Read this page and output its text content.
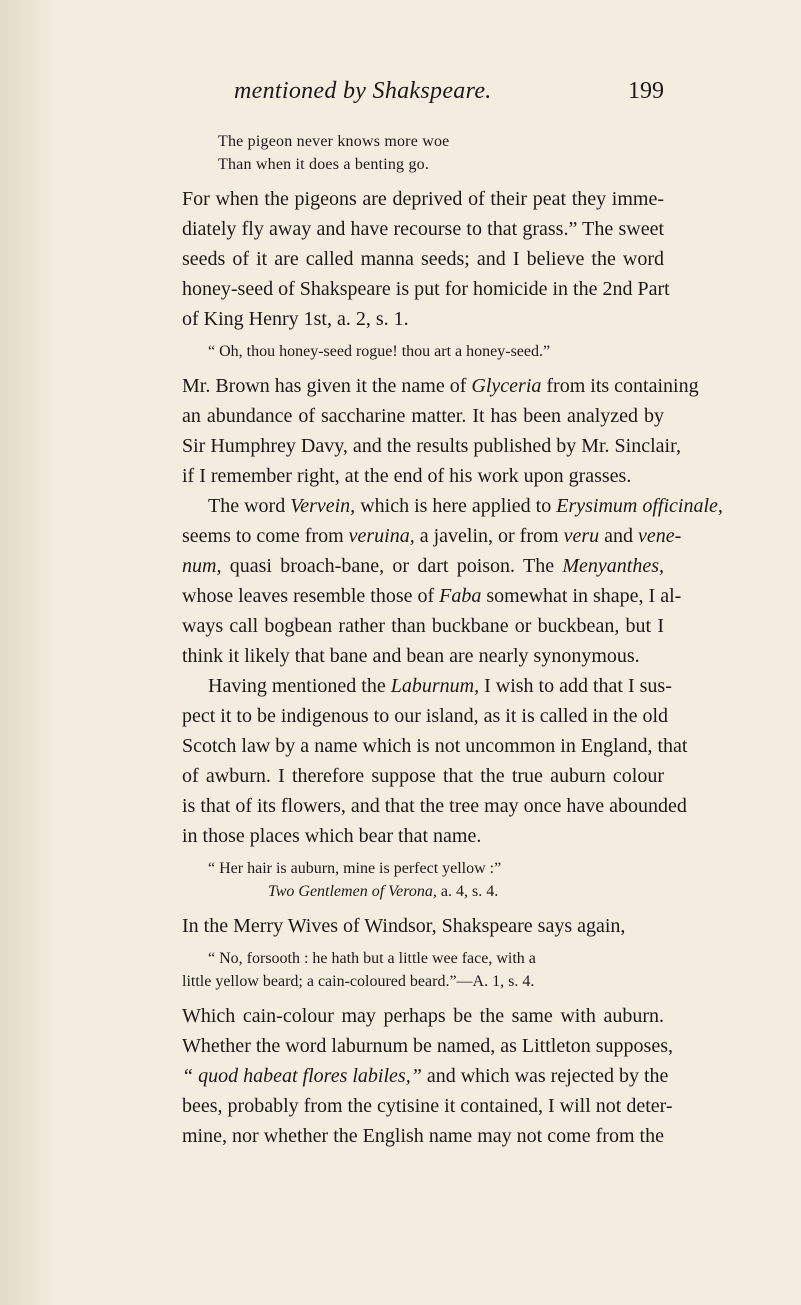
mentioned by Shakspeare.	199
The pigeon never knows more woe
Than when it does a benting go.
For when the pigeons are deprived of their peat they imme-
diately fly away and have recourse to that grass.” The sweet
seeds of it are called manna seeds; and I believe the word
honey-seed of Shakspeare is put for homicide in the 2nd Part
of King Henry 1st, a. 2, s. 1.
“ Oh, thou honey-seed rogue! thou art a honey-seed.”
Mr. Brown has given it the name of Glyceria from its containing
an abundance of saccharine matter. It has been analyzed by
Sir Humphrey Davy, and the results published by Mr. Sinclair,
if I remember right, at the end of his work upon grasses.
The word Vervein, which is here applied to Erysimum officinale,
seems to come from veruina, a javelin, or from veru and vene-
num, quasi broach-bane, or dart poison. The Menyanthes,
whose leaves resemble those of Faba somewhat in shape, I al-
ways call bogbean rather than buckbane or buckbean, but I
think it likely that bane and bean are nearly synonymous.
Having mentioned the Laburnum, I wish to add that I sus-
pect it to be indigenous to our island, as it is called in the old
Scotch law by a name which is not uncommon in England, that
of awburn. I therefore suppose that the true auburn colour
is that of its flowers, and that the tree may once have abounded
in those places which bear that name.
“ Her hair is auburn, mine is perfect yellow :”
Two Gentlemen of Verona, a. 4, s. 4.
In the Merry Wives of Windsor, Shakspeare says again,
“ No, forsooth : he hath but a little wee face, with a
little yellow beard; a cain-coloured beard.”—A. 1, s. 4.
Which cain-colour may perhaps be the same with auburn.
Whether the word laburnum be named, as Littleton supposes,
“ quod habeat flores labiles,” and which was rejected by the
bees, probably from the cytisine it contained, I will not deter-
mine, nor whether the English name may not come from the
